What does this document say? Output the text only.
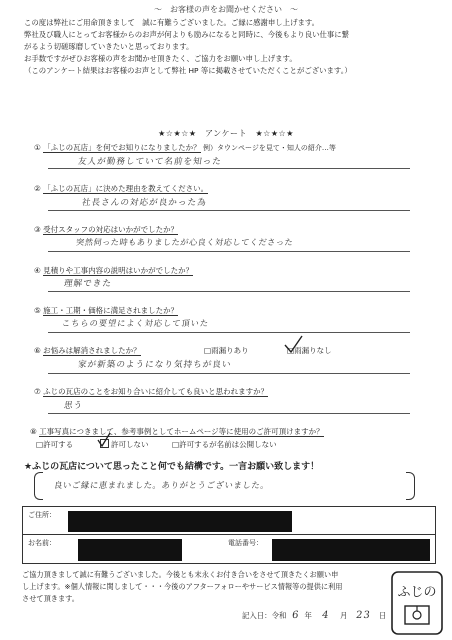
～　お客様の声をお聞かせください　～
この度は弊社にご用命頂きまして　誠に有難うございました。ご縁に感謝申し上げます。
弊社及び職人にとってお客様からのお声が何よりも励みになると同時に、今後もより良い仕事に繋
がるよう切磋琢磨していきたいと思っております。
お手数ですがぜひお客様の声をお聞かせ頂きたく、ご協力をお願い申し上げます。
（このアンケート結果はお客様のお声として弊社 HP 等に掲載させていただくことがございます。）
★☆★☆★　アンケート　★☆★☆★
① 「ふじの瓦店」を何でお知りになりましたか？ 例）タウンページを見て・知人の紹介…等
友人が勤務していて名前を知った
② 「ふじの瓦店」に決めた理由を教えてください。
社長さんの対応が良かった為
③ 受付スタッフの対応はいかがでしたか？
突然伺った時もありましたが心良く対応してくださった
④ 見積りや工事内容の説明はいかがでしたか？
理解できた
⑤ 施工・工期・価格に満足されましたか？
こちらの要望によく対応して頂いた
⑥ お悩みは解消されましたか？	□雨漏りあり	□雨漏りなし
家が新築のようになり気持ちが良い
⑦ ふじの瓦店のことをお知り合いに紹介しても良いと思われますか？
思う
⑧ 工事写真につきまして、参考事例としてホームページ等に使用のご許可頂けますか？
□許可する	許可しない	□許可するが名前は公開しない
★ふじの瓦店について思ったこと何でも結構です。一言お願い致します！
良いご縁に恵まれました。ありがとうございました。
ご住所：
お名前：	電話番号：
ご協力頂きまして誠に有難うございました。今後とも末永くお付き合いをさせて頂きたくお願い申
し上げます。※個人情報に関しまして・・・今後のアフターフォローやサービス情報等の提供に利用
させて頂きます。
記入日：令和 6 年 4 月 23 日
ふじの
